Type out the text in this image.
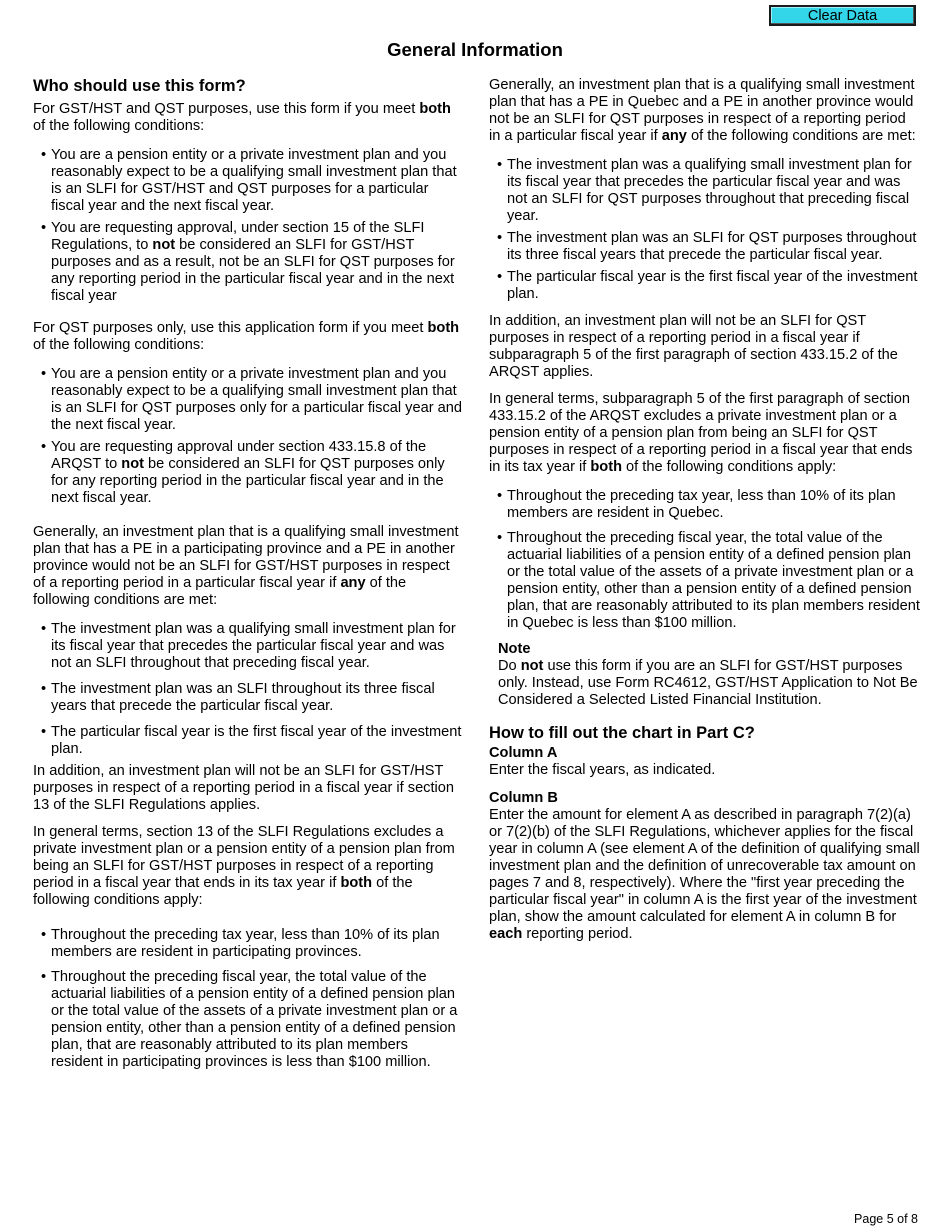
Clear Data
General Information
Who should use this form?

For GST/HST and QST purposes, use this form if you meet both of the following conditions:

• You are a pension entity or a private investment plan and you reasonably expect to be a qualifying small investment plan that is an SLFI for GST/HST and QST purposes for a particular fiscal year and the next fiscal year.
• You are requesting approval, under section 15 of the SLFI Regulations, to not be considered an SLFI for GST/HST purposes and as a result, not be an SLFI for QST purposes for any reporting period in the particular fiscal year and in the next fiscal year

For QST purposes only, use this application form if you meet both of the following conditions:

• You are a pension entity or a private investment plan and you reasonably expect to be a qualifying small investment plan that is an SLFI for QST purposes only for a particular fiscal year and the next fiscal year.
• You are requesting approval under section 433.15.8 of the ARQST to not be considered an SLFI for QST purposes only for any reporting period in the particular fiscal year and in the next fiscal year.

Generally, an investment plan that is a qualifying small investment plan that has a PE in a participating province and a PE in another province would not be an SLFI for GST/HST purposes in respect of a reporting period in a particular fiscal year if any of the following conditions are met:

• The investment plan was a qualifying small investment plan for its fiscal year that precedes the particular fiscal year and was not an SLFI throughout that preceding fiscal year.
• The investment plan was an SLFI throughout its three fiscal years that precede the particular fiscal year.
• The particular fiscal year is the first fiscal year of the investment plan.

In addition, an investment plan will not be an SLFI for GST/HST purposes in respect of a reporting period in a fiscal year if section 13 of the SLFI Regulations applies.

In general terms, section 13 of the SLFI Regulations excludes a private investment plan or a pension entity of a pension plan from being an SLFI for GST/HST purposes in respect of a reporting period in a fiscal year that ends in its tax year if both of the following conditions apply:

• Throughout the preceding tax year, less than 10% of its plan members are resident in participating provinces.
• Throughout the preceding fiscal year, the total value of the actuarial liabilities of a pension entity of a defined pension plan or the total value of the assets of a private investment plan or a pension entity, other than a pension entity of a defined pension plan, that are reasonably attributed to its plan members resident in participating provinces is less than $100 million.

Generally, an investment plan that is a qualifying small investment plan that has a PE in Quebec and a PE in another province would not be an SLFI for QST purposes in respect of a reporting period in a particular fiscal year if any of the following conditions are met:

• The investment plan was a qualifying small investment plan for its fiscal year that precedes the particular fiscal year and was not an SLFI for QST purposes throughout that preceding fiscal year.
• The investment plan was an SLFI for QST purposes throughout its three fiscal years that precede the particular fiscal year.
• The particular fiscal year is the first fiscal year of the investment plan.

In addition, an investment plan will not be an SLFI for QST purposes in respect of a reporting period in a fiscal year if subparagraph 5 of the first paragraph of section 433.15.2 of the ARQST applies.

In general terms, subparagraph 5 of the first paragraph of section 433.15.2 of the ARQST excludes a private investment plan or a pension entity of a pension plan from being an SLFI for QST purposes in respect of a reporting period in a fiscal year that ends in its tax year if both of the following conditions apply:

• Throughout the preceding tax year, less than 10% of its plan members are resident in Quebec.
• Throughout the preceding fiscal year, the total value of the actuarial liabilities of a pension entity of a defined pension plan or the total value of the assets of a private investment plan or a pension entity, other than a pension entity of a defined pension plan, that are reasonably attributed to its plan members resident in Quebec is less than $100 million.
Note

Do not use this form if you are an SLFI for GST/HST purposes only. Instead, use Form RC4612, GST/HST Application to Not Be Considered a Selected Listed Financial Institution.

How to fill out the chart in Part C?
Column A

Enter the fiscal years, as indicated.

Column B

Enter the amount for element A as described in paragraph 7(2)(a) or 7(2)(b) of the SLFI Regulations, whichever applies for the fiscal year in column A (see element A of the definition of qualifying small investment plan and the definition of unrecoverable tax amount on pages 7 and 8, respectively). Where the "first year preceding the particular fiscal year" in column A is the first year of the investment plan, show the amount calculated for element A in column B for each reporting period.

Page 5 of 8
